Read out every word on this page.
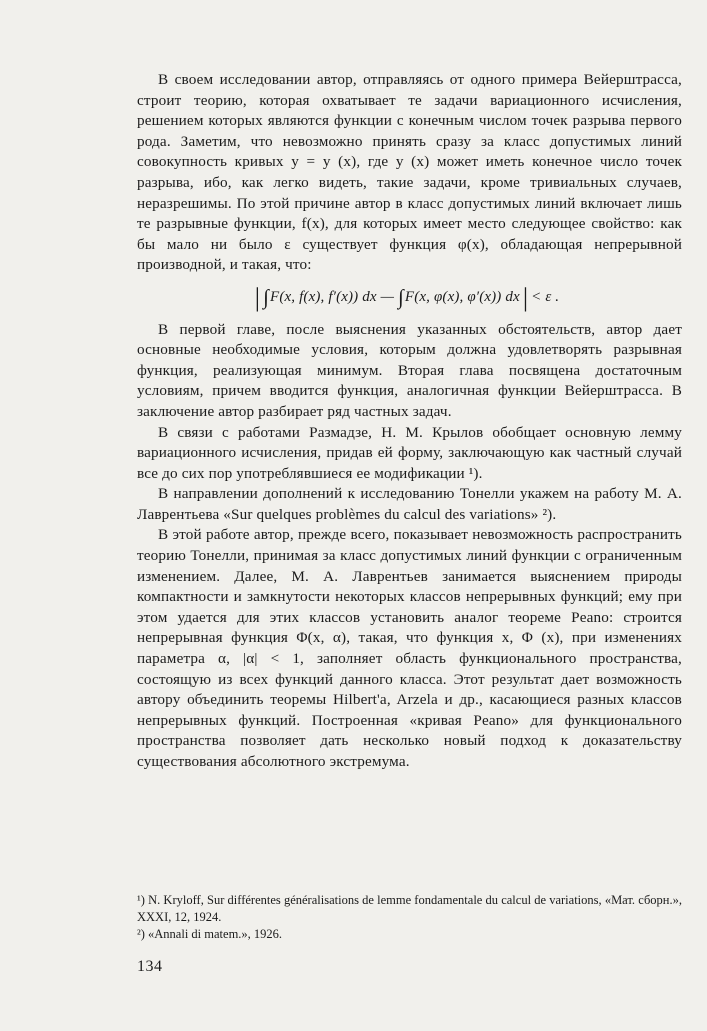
В своем исследовании автор, отправляясь от одного примера Вейерштрасса, строит теорию, которая охватывает те задачи вариационного исчисления, решением которых являются функции с конечным числом точек разрыва первого рода. Заметим, что невозможно принять сразу за класс допустимых линий совокупность кривых y = y (x), где y (x) может иметь конечное число точек разрыва, ибо, как легко видеть, такие задачи, кроме тривиальных случаев, неразрешимы. По этой причине автор в класс допустимых линий включает лишь те разрывные функции, f(x), для которых имеет место следующее свойство: как бы мало ни было ε существует функция φ(x), обладающая непрерывной производной, и такая, что:

| ∫F(x, f(x), f′(x)) dx — ∫F(x, φ(x), φ′(x)) dx | < ε .

В первой главе, после выяснения указанных обстоятельств, автор дает основные необходимые условия, которым должна удовлетворять разрывная функция, реализующая минимум. Вторая глава посвящена достаточным условиям, причем вводится функция, аналогичная функции Вейерштрасса. В заключение автор разбирает ряд частных задач.

В связи с работами Размадзе, Н. М. Крылов обобщает основную лемму вариационного исчисления, придав ей форму, заключающую как частный случай все до сих пор употреблявшиеся ее модификации ¹).

В направлении дополнений к исследованию Тонелли укажем на работу М. А. Лаврентьева «Sur quelques problèmes du calcul des variations» ²).

В этой работе автор, прежде всего, показывает невозможность распространить теорию Тонелли, принимая за класс допустимых линий функции с ограниченным изменением. Далее, М. А. Лаврентьев занимается выяснением природы компактности и замкнутости некоторых классов непрерывных функций; ему при этом удается для этих классов установить аналог теореме Peano: строится непрерывная функция Φ(x, α), такая, что функция x, Φ (x), при изменениях параметра α, |α| < 1, заполняет область функционального пространства, состоящую из всех функций данного класса. Этот результат дает возможность автору объединить теоремы Hilbert'a, Arzela и др., касающиеся разных классов непрерывных функций. Построенная «кривая Peano» для функционального пространства позволяет дать несколько новый подход к доказательству существования абсолютного экстремума.

¹) N. Kryloff, Sur différentes généralisations de lemme fondamentale du calcul de variations, «Мат. сборн.», XXXI, 12, 1924.

²) «Annali di matem.», 1926.

134
